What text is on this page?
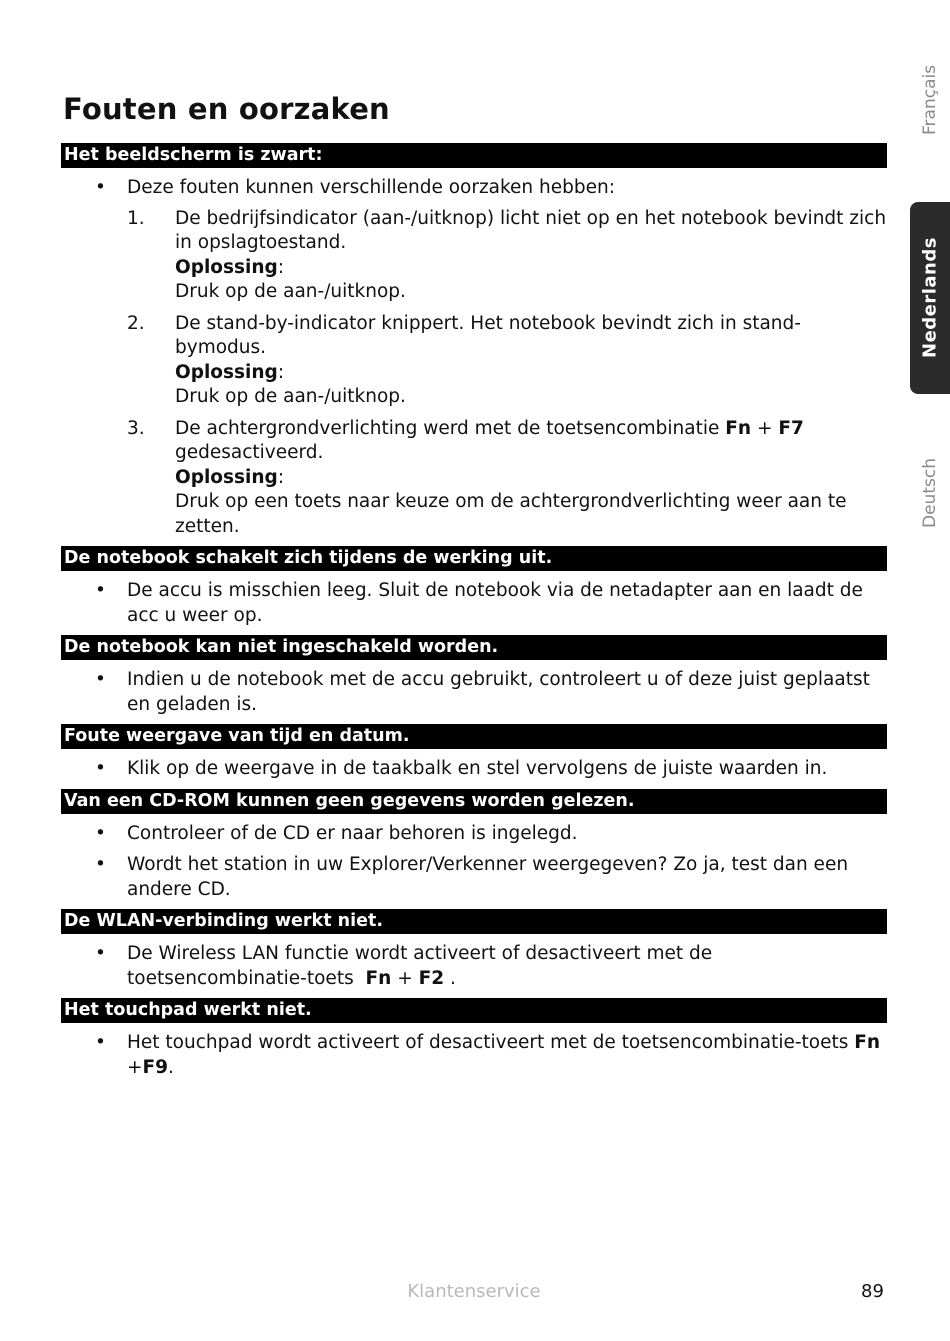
Fouten en oorzaken	Français
Nederlands
Deutsch
Het beeldscherm is zwart:
• Deze fouten kunnen verschillende oorzaken hebben:
1. De bedrijfsindicator (aan-/uitknop) licht niet op en het notebook bevindt zich in opslagtoestand.
Oplossing:
Druk op de aan-/uitknop.
2. De stand-by-indicator knippert. Het notebook bevindt zich in stand-bymodus.
Oplossing:
Druk op de aan-/uitknop.
3. De achtergrondverlichting werd met de toetsencombinatie Fn + F7
gedesactiveerd.
Oplossing:
Druk op een toets naar keuze om de achtergrondverlichting weer aan te zetten.
De notebook schakelt zich tijdens de werking uit.
• De accu is misschien leeg. Sluit de notebook via de netadapter aan en laadt de acc u weer op.
De notebook kan niet ingeschakeld worden.
• Indien u de notebook met de accu gebruikt, controleert u of deze juist geplaatst en geladen is.
Foute weergave van tijd en datum.
• Klik op de weergave in de taakbalk en stel vervolgens de juiste waarden in.
Van een CD-ROM kunnen geen gegevens worden gelezen.
• Controleer of de CD er naar behoren is ingelegd.
• Wordt het station in uw Explorer/Verkenner weergegeven? Zo ja, test dan een andere CD.
De WLAN-verbinding werkt niet.
• De Wireless LAN functie wordt activeert of desactiveert met de toetsencombinatie-toets Fn + F2 .
Het touchpad werkt niet.
• Het touchpad wordt activeert of desactiveert met de toetsencombinatie-toets Fn +F9.
Klantenservice	89
